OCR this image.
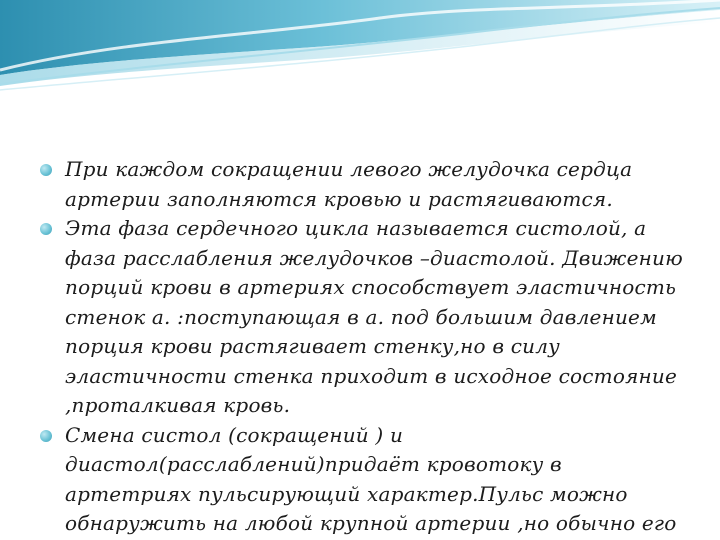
При каждом сокращении левого желудочка сердца
артерии заполняются кровью и растягиваются.
Эта фаза сердечного цикла называется систолой, а
фаза расслабления желудочков –диастолой. Движению
порций крови в артериях способствует эластичность
стенок а. :поступающая в а. под большим давлением
порция крови растягивает стенку,но в силу
эластичности стенка приходит в исходное состояние
,проталкивая кровь.
Смена систол (сокращений ) и
диастол(расслаблений)придаёт кровотоку в
артетриях пульсирующий характер.Пульс можно
обнаружить на любой крупной артерии ,но обычно его
